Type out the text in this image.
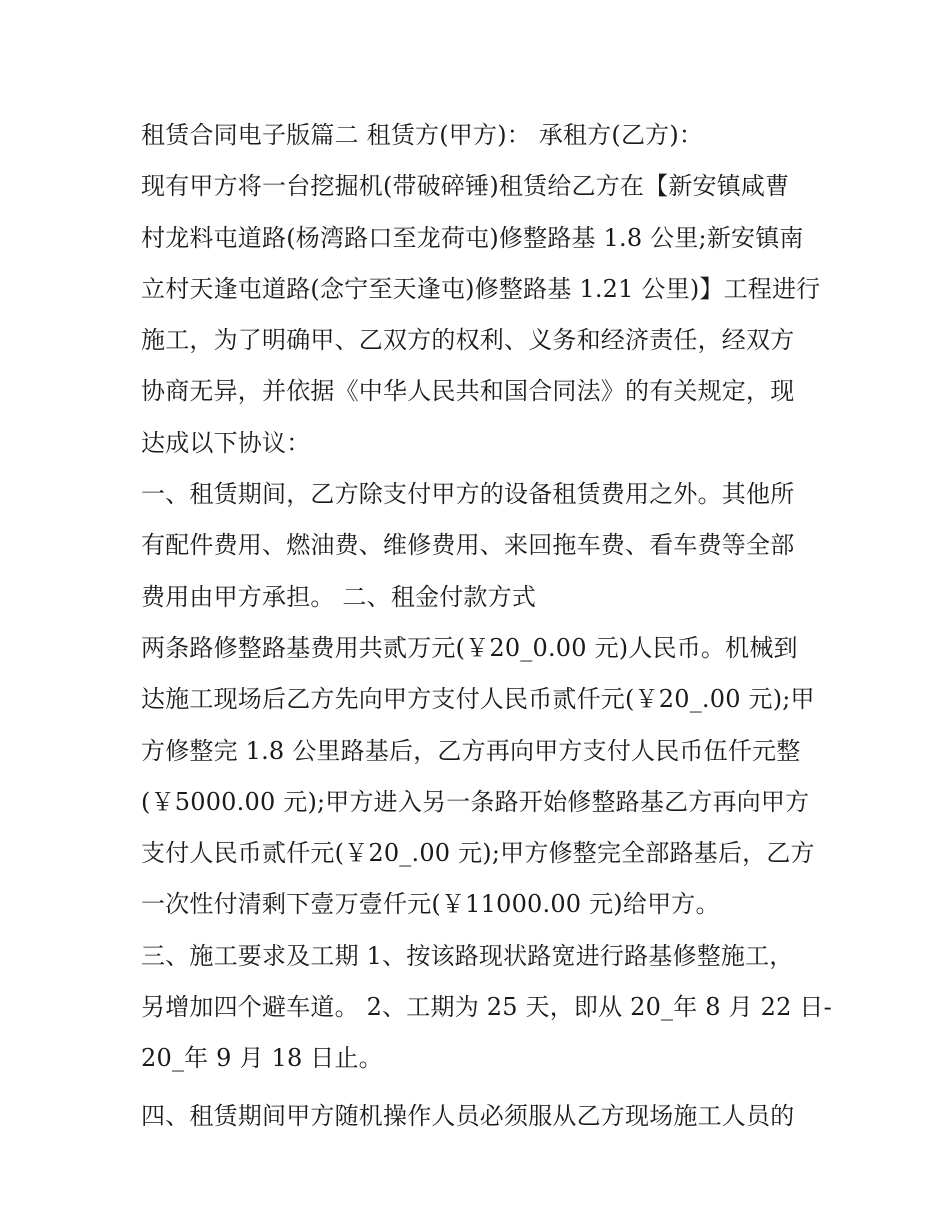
租赁合同电子版篇二 租赁方(甲方)： 承租方(乙方)：
现有甲方将一台挖掘机(带破碎锤)租赁给乙方在【新安镇咸曹
村龙料屯道路(杨湾路口至龙荷屯)修整路基 1.8 公里;新安镇南
立村天逢屯道路(念宁至天逢屯)修整路基 1.21 公里)】工程进行
施工，为了明确甲、乙双方的权利、义务和经济责任，经双方
协商无异，并依据《中华人民共和国合同法》的有关规定，现
达成以下协议：
一、租赁期间，乙方除支付甲方的设备租赁费用之外。其他所
有配件费用、燃油费、维修费用、来回拖车费、看车费等全部
费用由甲方承担。 二、租金付款方式
两条路修整路基费用共贰万元(￥20_0.00 元)人民币。机械到
达施工现场后乙方先向甲方支付人民币贰仟元(￥20_.00 元);甲
方修整完 1.8 公里路基后，乙方再向甲方支付人民币伍仟元整
(￥5000.00 元);甲方进入另一条路开始修整路基乙方再向甲方
支付人民币贰仟元(￥20_.00 元);甲方修整完全部路基后，乙方
一次性付清剩下壹万壹仟元(￥11000.00 元)给甲方。
三、施工要求及工期 1、按该路现状路宽进行路基修整施工，
另增加四个避车道。 2、工期为 25 天，即从 20_年 8 月 22 日-
20_年 9 月 18 日止。
四、租赁期间甲方随机操作人员必须服从乙方现场施工人员的
